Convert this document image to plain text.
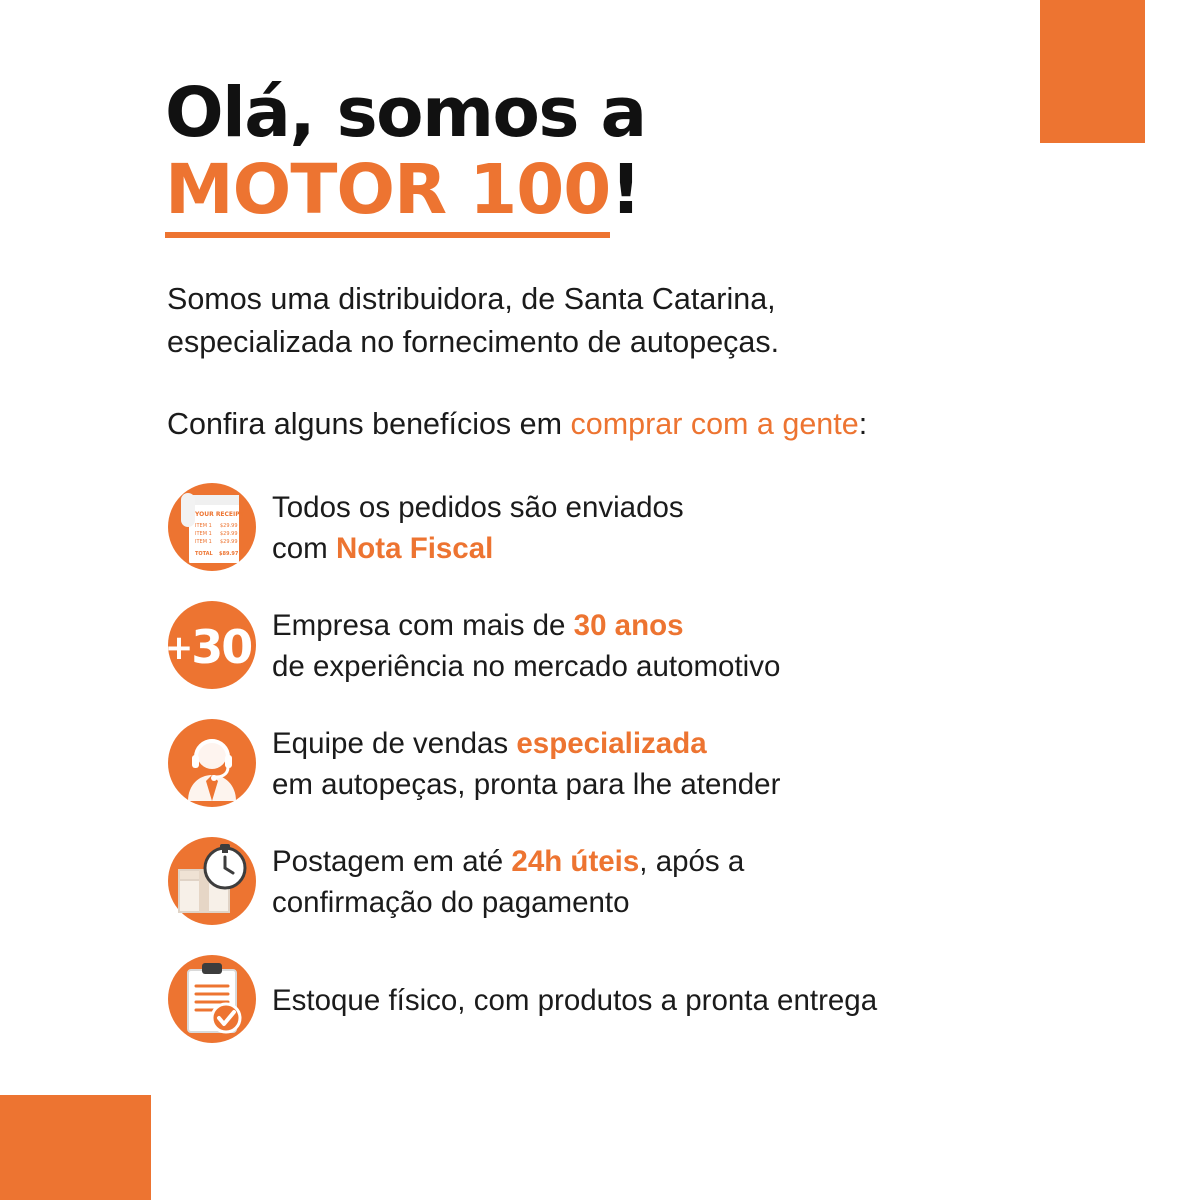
Olá, somos a
MOTOR 100!
Somos uma distribuidora, de Santa Catarina,
especializada no fornecimento de autopeças.
Confira alguns benefícios em comprar com a gente:
YOUR RECEIPT
ITEM 1 $29.99
ITEM 1 $29.99
ITEM 1 $29.99
TOTAL $89.97
Todos os pedidos são enviados
com Nota Fiscal
+30 Empresa com mais de 30 anos
de experiência no mercado automotivo
Equipe de vendas especializada
em autopeças, pronta para lhe atender
Postagem em até 24h úteis, após a
confirmação do pagamento
Estoque físico, com produtos a pronta entrega
